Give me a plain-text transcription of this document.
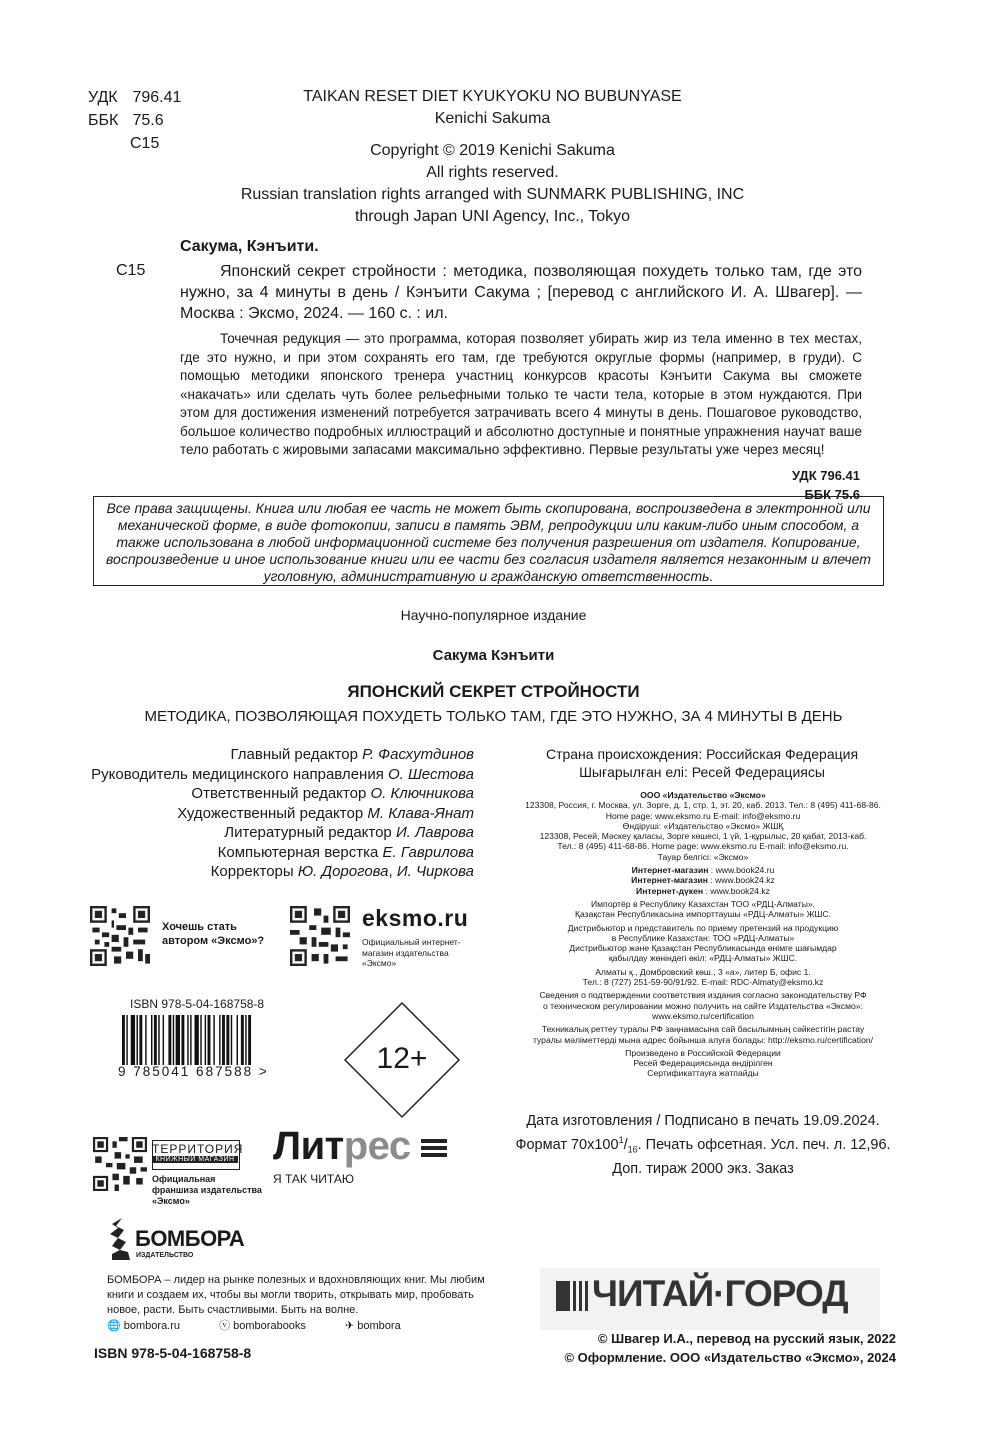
УДК 796.41
ББК 75.6
С15
TAIKAN RESET DIET KYUKYOKU NO BUBUNYASE
Kenichi Sakuma
Copyright © 2019 Kenichi Sakuma
All rights reserved.
Russian translation rights arranged with SUNMARK PUBLISHING, INC
through Japan UNI Agency, Inc., Tokyo
Сакума, Кэнъити.
С15	Японский секрет стройности : методика, позволяющая похудеть только там, где это нужно, за 4 минуты в день / Кэнъити Сакума ; [перевод с английского И. А. Швагер]. — Москва : Эксмо, 2024. — 160 с. : ил.
Точечная редукция — это программа, которая позволяет убирать жир из тела именно в тех местах, где это нужно, и при этом сохранять его там, где требуются округлые формы (например, в груди). С помощью методики японского тренера участниц конкурсов красоты Кэнъити Сакума вы сможете «накачать» или сделать чуть более рельефными только те части тела, которые в этом нуждаются. При этом для достижения изменений потребуется затрачивать всего 4 минуты в день. Пошаговое руководство, большое количество подробных иллюстраций и абсолютно доступные и понятные упражнения научат ваше тело работать с жировыми запасами максимально эффективно. Первые результаты уже через месяц!
УДК 796.41
ББК 75.6
Все права защищены. Книга или любая ее часть не может быть скопирована, воспроизведена в электронной или механической форме, в виде фотокопии, записи в память ЭВМ, репродукции или каким-либо иным способом, а также использована в любой информационной системе без получения разрешения от издателя. Копирование, воспроизведение и иное использование книги или ее части без согласия издателя является незаконным и влечет уголовную, административную и гражданскую ответственность.
Научно-популярное издание
Сакума Кэнъити
ЯПОНСКИЙ СЕКРЕТ СТРОЙНОСТИ
МЕТОДИКА, ПОЗВОЛЯЮЩАЯ ПОХУДЕТЬ ТОЛЬКО ТАМ, ГДЕ ЭТО НУЖНО, ЗА 4 МИНУТЫ В ДЕНЬ
Главный редактор Р. Фасхутдинов
Руководитель медицинского направления О. Шестова
Ответственный редактор О. Ключникова
Художественный редактор М. Клава-Янат
Литературный редактор И. Лаврова
Компьютерная верстка Е. Гаврилова
Корректоры Ю. Дорогова, И. Чиркова
Страна происхождения: Российская Федерация
Шығарылған елі: Ресей Федерациясы
ООО «Издательство «Эксмо»
123308, Россия, г. Москва, ул. Зорге, д. 1, стр. 1, эт. 20, каб. 2013. Тел.: 8 (495) 411-68-86.
Home page: www.eksmo.ru E-mail: info@eksmo.ru
Өндіруші: «Издательство «Эксмо» ЖШҚ
123308, Ресей, Мәскеу қаласы, Зорге көшесі, 1 үй, 1-құрылыс, 20 қабат, 2013-каб.
Тел.: 8 (495) 411-68-86. Home page: www.eksmo.ru E-mail: info@eksmo.ru.
Тауар белгісі: «Эксмо»
Интернет-магазин : www.book24.ru
Интернет-магазин : www.book24.kz
Интернет-дүкен : www.book24.kz
Импортёр в Республику Казахстан ТОО «РДЦ-Алматы».
Қазақстан Республикасына импорттаушы «РДЦ-Алматы» ЖШС.
Дистрибьютор и представитель по приему претензий на продукцию
в Республике Казахстан: ТОО «РДЦ-Алматы»
Дистрибьютор және Қазақстан Республикасында өнімге шағымдар
қабылдау жөніндегі өкіл: «РДЦ-Алматы» ЖШС.
Алматы қ., Домбровский көш., 3 «а», литер Б, офис 1.
Тел.: 8 (727) 251-59-90/91/92. E-mail: RDC-Almaty@eksmo.kz
Сведения о подтверждении соответствия издания согласно законодательству РФ
о техническом регулировании можно получить на сайте Издательства «Эксмо»:
www.eksmo.ru/certification
Техникалық реттеу туралы РФ заңнамасына сай басылымның сәйкестігін растау
туралы мәліметтерді мына адрес бойынша алуға болады: http://eksmo.ru/certification/
Произведено в Российской Федерации
Ресей Федерациясында өндірілген
Сертификаттауға жатпайды
Дата изготовления / Подписано в печать 19.09.2024.
Формат $70х100^1/_{16}$. Печать офсетная. Усл. печ. л. 12,96.
Доп. тираж 2000 экз. Заказ
Хочешь стать автором «Эксмо»?
eksmo.ru
Официальный интернет-магазин издательства «Эксмо»
ISBN 978-5-04-168758-8
9 785041 687588 >	12+
ТЕРРИТОРИЯ
КНИЖНЫЙ МАГАЗИН
Официальная франшиза издательства «Эксмо»
Литрес
Я ТАК ЧИТАЮ
БОМБОРА
ИЗДАТЕЛЬСТВО
БОМБОРА – лидер на рынке полезных и вдохновляющих книг. Мы любим книги и создаем их, чтобы вы могли творить, открывать мир, пробовать новое, расти. Быть счастливыми. Быть на волне.
🌐 bombora.ru	ⓥ bomborabooks	✈ bombora
ISBN 978-5-04-168758-8
ЧИТАЙ·ГОРОД
© Швагер И.А., перевод на русский язык, 2022
© Оформление. ООО «Издательство «Эксмо», 2024
